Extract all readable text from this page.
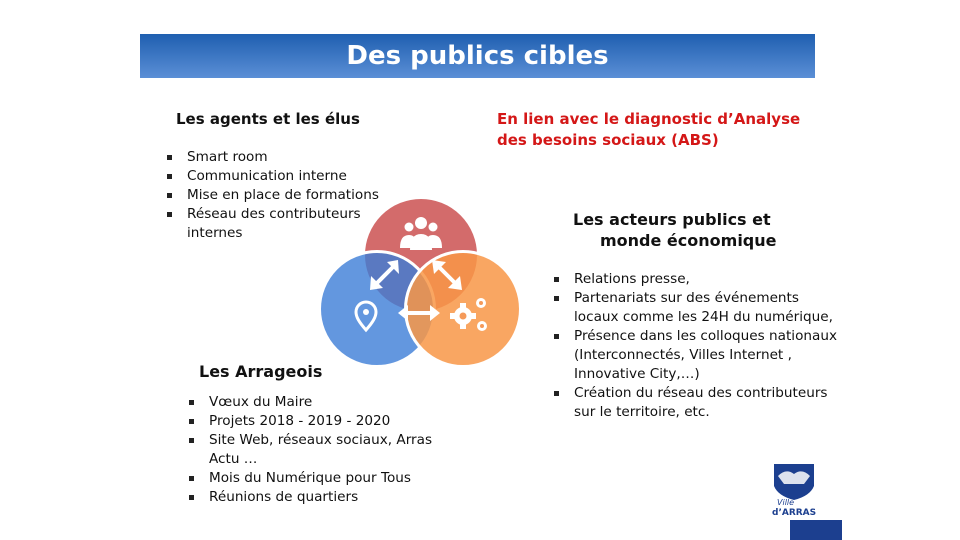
Des publics cibles
Les agents et les élus
Smart room
Communication interne
Mise en place de formations
Réseau des contributeurs internes
En lien avec le diagnostic d’Analyse
des besoins sociaux (ABS)
Les acteurs publics et
monde économique
Relations presse,
Partenariats sur des événements locaux comme les 24H du numérique,
Présence dans les colloques nationaux (Interconnectés, Villes Internet , Innovative City,…)
Création du réseau des contributeurs sur le territoire, etc.
Les Arrageois
Vœux du Maire
Projets 2018 - 2019 - 2020
Site Web, réseaux sociaux, Arras Actu …
Mois du Numérique pour Tous
Réunions de quartiers	Ville
d’ARRAS
